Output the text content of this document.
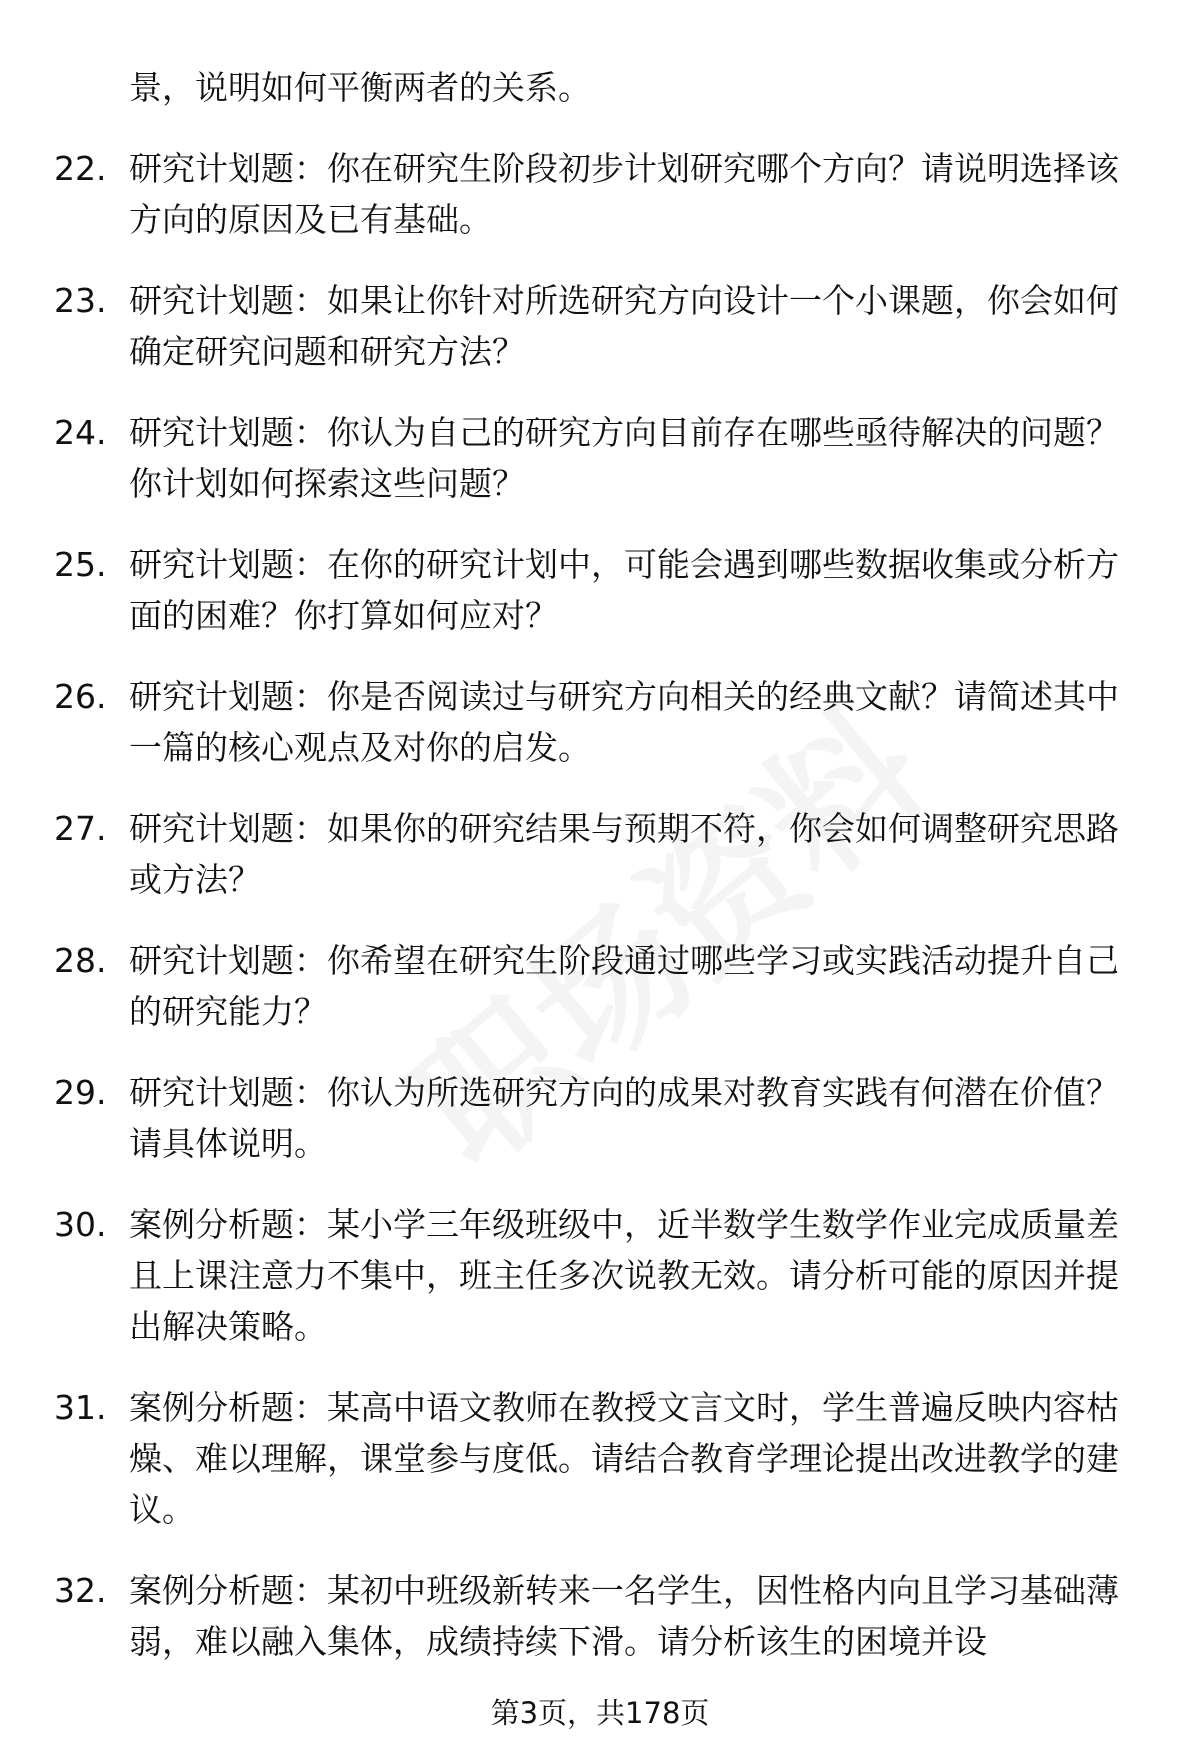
景，说明如何平衡两者的关系。
22. 研究计划题：你在研究生阶段初步计划研究哪个方向？请说明选择该方向的原因及已有基础。
23. 研究计划题：如果让你针对所选研究方向设计一个小课题，你会如何确定研究问题和研究方法？
24. 研究计划题：你认为自己的研究方向目前存在哪些亟待解决的问题？你计划如何探索这些问题？
25. 研究计划题：在你的研究计划中，可能会遇到哪些数据收集或分析方面的困难？你打算如何应对？
26. 研究计划题：你是否阅读过与研究方向相关的经典文献？请简述其中一篇的核心观点及对你的启发。
27. 研究计划题：如果你的研究结果与预期不符，你会如何调整研究思路或方法？
28. 研究计划题：你希望在研究生阶段通过哪些学习或实践活动提升自己的研究能力？
29. 研究计划题：你认为所选研究方向的成果对教育实践有何潜在价值？请具体说明。
30. 案例分析题：某小学三年级班级中，近半数学生数学作业完成质量差且上课注意力不集中，班主任多次说教无效。请分析可能的原因并提出解决策略。
31. 案例分析题：某高中语文教师在教授文言文时，学生普遍反映内容枯燥、难以理解，课堂参与度低。请结合教育学理论提出改进教学的建议。
32. 案例分析题：某初中班级新转来一名学生，因性格内向且学习基础薄弱，难以融入集体，成绩持续下滑。请分析该生的困境并设
第3页，共178页
